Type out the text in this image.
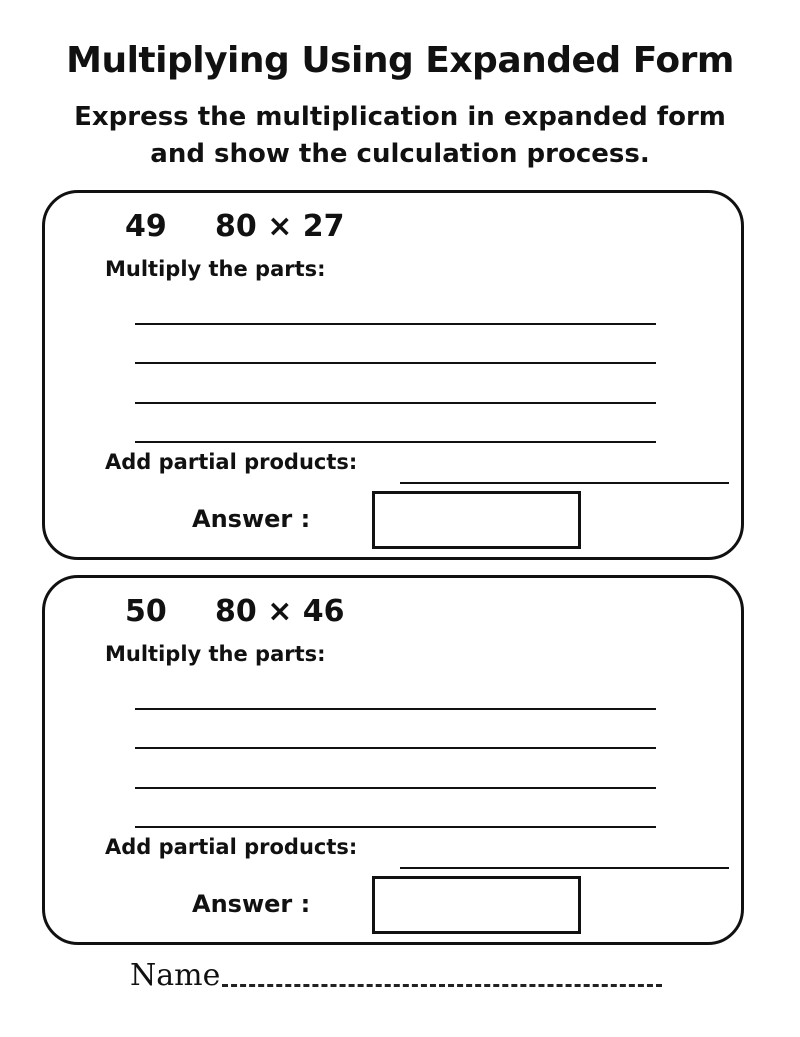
Multiplying Using Expanded Form
Express the multiplication in expanded form
and show the culculation process.
49 80 × 27
Multiply the parts:
Add partial products:
Answer :
50 80 × 46
Multiply the parts:
Add partial products:
Answer :
Name
